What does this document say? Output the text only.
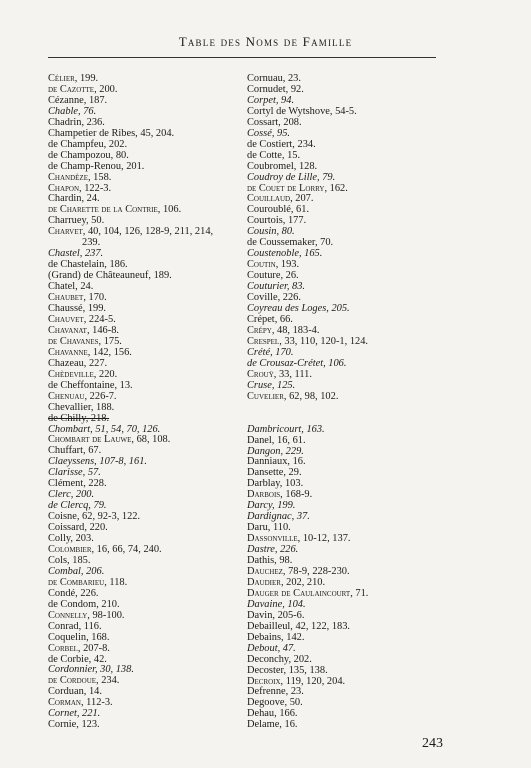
Table des Noms de Famille
Célier, 199.
de Cazotte, 200.
Cézanne, 187.
Chable, 76.
Chadrin, 236.
Champetier de Ribes, 45, 204.
de Champfeu, 202.
de Champozou, 80.
de Champ-Renou, 201.
Chandèze, 158.
Chapon, 122-3.
Chardin, 24.
de Charette de la Contrie, 106.
Charruey, 50.
Charvet, 40, 104, 126, 128-9, 211, 214,
239.
Chastel, 237.
de Chastelain, 186.
(Grand) de Châteauneuf, 189.
Chatel, 24.
Chaubet, 170.
Chaussé, 199.
Chauvet, 224-5.
Chavanat, 146-8.
de Chavanes, 175.
Chavanne, 142, 156.
Chazeau, 227.
Chèdeville, 220.
de Cheffontaine, 13.
Chenuau, 226-7.
Chevallier, 188.
de Chilly, 218.
Chombart, 51, 54, 70, 126.
Chombart de Lauwe, 68, 108.
Chuffart, 67.
Claeyssens, 107-8, 161.
Clarisse, 57.
Clément, 228.
Clerc, 200.
de Clercq, 79.
Coisne, 62, 92-3, 122.
Coissard, 220.
Colly, 203.
Colombier, 16, 66, 74, 240.
Cols, 185.
Combal, 206.
de Combarieu, 118.
Condé, 226.
de Condom, 210.
Connelly, 98-100.
Conrad, 116.
Coquelin, 168.
Corbel, 207-8.
de Corbie, 42.
Cordonnier, 30, 138.
de Cordoue, 234.
Corduan, 14.
Corman, 112-3.
Cornet, 221.
Cornie, 123.
Cornuau, 23.
Cornudet, 92.
Corpet, 94.
Cortyl de Wytshove, 54-5.
Cossart, 208.
Cossé, 95.
de Costiert, 234.
de Cotte, 15.
Coubromel, 128.
Coudroy de Lille, 79.
de Couet de Lorry, 162.
Couillaud, 207.
Couroublé, 61.
Courtois, 177.
Cousin, 80.
de Coussemaker, 70.
Coustenoble, 165.
Coutin, 193.
Couture, 26.
Couturier, 83.
Coville, 226.
Coyreau des Loges, 205.
Crépet, 66.
Crépy, 48, 183-4.
Crespel, 33, 110, 120-1, 124.
Crété, 170.
de Crousaz-Crétet, 106.
Crouÿ, 33, 111.
Cruse, 125.
Cuvelier, 62, 98, 102.
Dambricourt, 163.
Danel, 16, 61.
Dangon, 229.
Danniaux, 16.
Dansette, 29.
Darblay, 103.
Darbois, 168-9.
Darcy, 199.
Dardignac, 37.
Daru, 110.
Dassonville, 10-12, 137.
Dastre, 226.
Dathis, 98.
Dauchez, 78-9, 228-230.
Daudier, 202, 210.
Dauger de Caulaincourt, 71.
Davaine, 104.
Davin, 205-6.
Debailleul, 42, 122, 183.
Debains, 142.
Debout, 47.
Deconchy, 202.
Decoster, 135, 138.
Decroix, 119, 120, 204.
Defrenne, 23.
Degoove, 50.
Dehau, 166.
Delame, 16.
243
